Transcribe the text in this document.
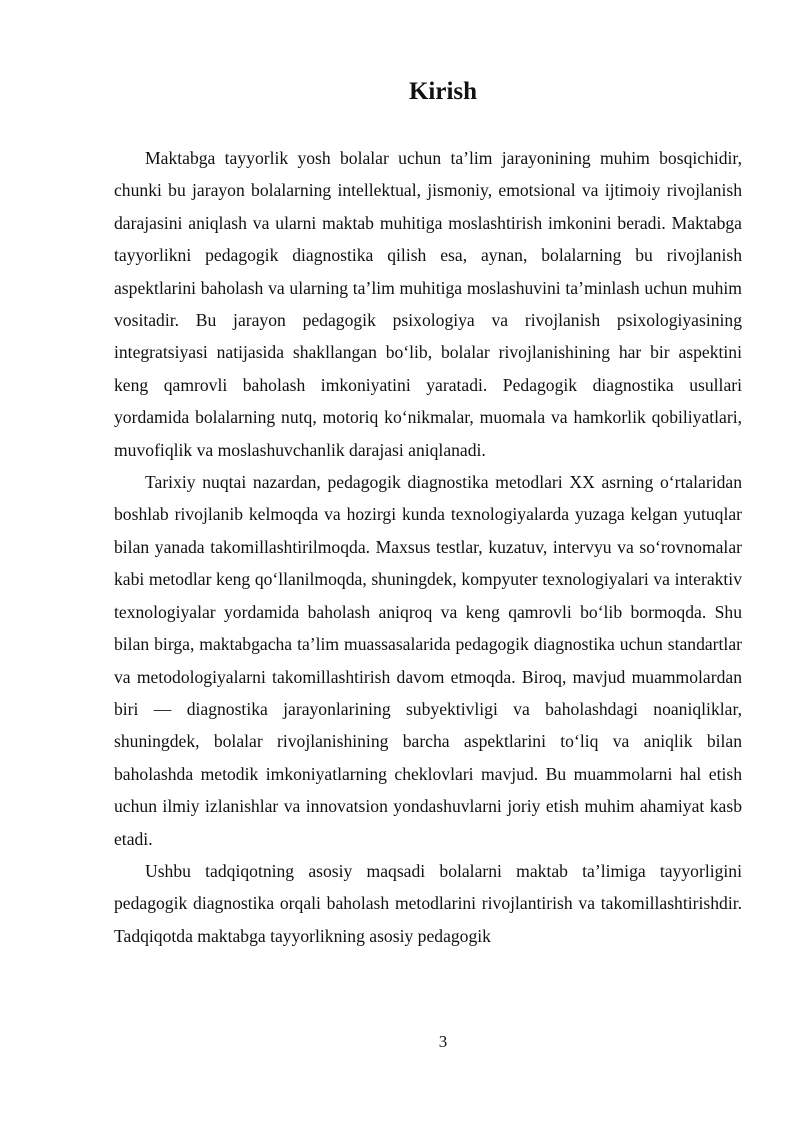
Kirish

Maktabga tayyorlik yosh bolalar uchun ta’lim jarayonining muhim bosqichidir, chunki bu jarayon bolalarning intellektual, jismoniy, emotsional va ijtimoiy rivojlanish darajasini aniqlash va ularni maktab muhitiga moslashtirish imkonini beradi. Maktabga tayyorlikni pedagogik diagnostika qilish esa, aynan, bolalarning bu rivojlanish aspektlarini baholash va ularning ta’lim muhitiga moslashuvini ta’minlash uchun muhim vositadir. Bu jarayon pedagogik psixologiya va rivojlanish psixologiyasining integratsiyasi natijasida shakllangan bo‘lib, bolalar rivojlanishining har bir aspektini keng qamrovli baholash imkoniyatini yaratadi. Pedagogik diagnostika usullari yordamida bolalarning nutq, motoriq ko‘nikmalar, muomala va hamkorlik qobiliyatlari, muvofiqlik va moslashuvchanlik darajasi aniqlanadi.

Tarixiy nuqtai nazardan, pedagogik diagnostika metodlari XX asrning o‘rtalaridan boshlab rivojlanib kelmoqda va hozirgi kunda texnologiyalarda yuzaga kelgan yutuqlar bilan yanada takomillashtirilmoqda. Maxsus testlar, kuzatuv, intervyu va so‘rovnomalar kabi metodlar keng qo‘llanilmoqda, shuningdek, kompyuter texnologiyalari va interaktiv texnologiyalar yordamida baholash aniqroq va keng qamrovli bo‘lib bormoqda. Shu bilan birga, maktabgacha ta’lim muassasalarida pedagogik diagnostika uchun standartlar va metodologiyalarni takomillashtirish davom etmoqda. Biroq, mavjud muammolardan biri — diagnostika jarayonlarining subyektivligi va baholashdagi noaniqliklar, shuningdek, bolalar rivojlanishining barcha aspektlarini to‘liq va aniqlik bilan baholashda metodik imkoniyatlarning cheklovlari mavjud. Bu muammolarni hal etish uchun ilmiy izlanishlar va innovatsion yondashuvlarni joriy etish muhim ahamiyat kasb etadi.

Ushbu tadqiqotning asosiy maqsadi bolalarni maktab ta’limiga tayyorligini pedagogik diagnostika orqali baholash metodlarini rivojlantirish va takomillashtirishdir. Tadqiqotda maktabga tayyorlikning asosiy pedagogik

3
